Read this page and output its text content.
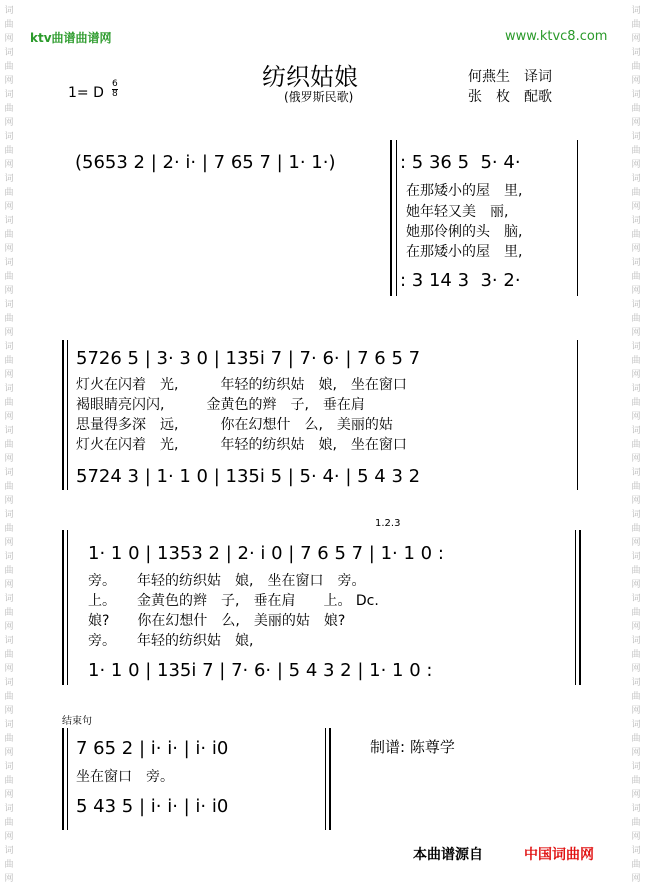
词
曲
网
词
曲
网
词
曲
网
词
曲
网
词
曲
网
词
曲
网
词
曲
网
词
曲
网
词
曲
网
词
曲
网
词
曲
网
词
曲
网
词
曲
网
词
曲
网
词
曲
网
词
曲
网
词
曲
网
词
曲
网
词
曲
网
词
曲
网
词
曲
网
词
曲
网
词
曲
网
词
曲
网
词
曲
网
词
曲
网
词
曲
网
词
曲
网
词
曲
网
词
曲
网
词
曲
网
词
曲
网
词
曲
网
词
曲
网
词
曲
网
词
曲
网
词
曲
网
词
曲
网
词
曲
网
词
曲
网
词
曲
网
词
曲
网
ktv曲谱曲谱网	www.ktvc8.com
纺织姑娘
(俄罗斯民歌)
何燕生　译词
张　枚　配歌
1= D $\frac{6}{8}$
(5653 2 | 2· i· | 7 65 7 | 1· 1·)	: 5 36 5  5· 4·
在那矮小的屋　里,
她年轻又美　丽,
她那伶俐的头　脑,
在那矮小的屋　里,
: 3 14 3  3· 2·
5726 5 | 3· 3 0 | 135i 7 | 7· 6· | 7 6 5 7
灯火在闪着　光,　　　年轻的纺织姑　娘,　坐在窗口
褐眼睛亮闪闪,　　　金黄色的辫　子,　垂在肩
思量得多深　远,　　　你在幻想什　么,　美丽的姑
灯火在闪着　光,　　　年轻的纺织姑　娘,　坐在窗口
5724 3 | 1· 1 0 | 135i 5 | 5· 4· | 5 4 3 2
1.2.3
1· 1 0 | 1353 2 | 2· i 0 | 7 6 5 7 | 1· 1 0 :
旁。　　年轻的纺织姑　娘,　坐在窗口　旁。
上。　　金黄色的辫　子,　垂在肩　　上。 Dc.
娘?　　你在幻想什　么,　美丽的姑　娘?
旁。　　年轻的纺织姑　娘,
1· 1 0 | 135i 7 | 7· 6· | 5 4 3 2 | 1· 1 0 :
结束句
7 65 2 | i· i· | i· i0
坐在窗口　旁。
5 43 5 | i· i· | i· i0
制谱: 陈尊学
本曲谱源自	中国词曲网
